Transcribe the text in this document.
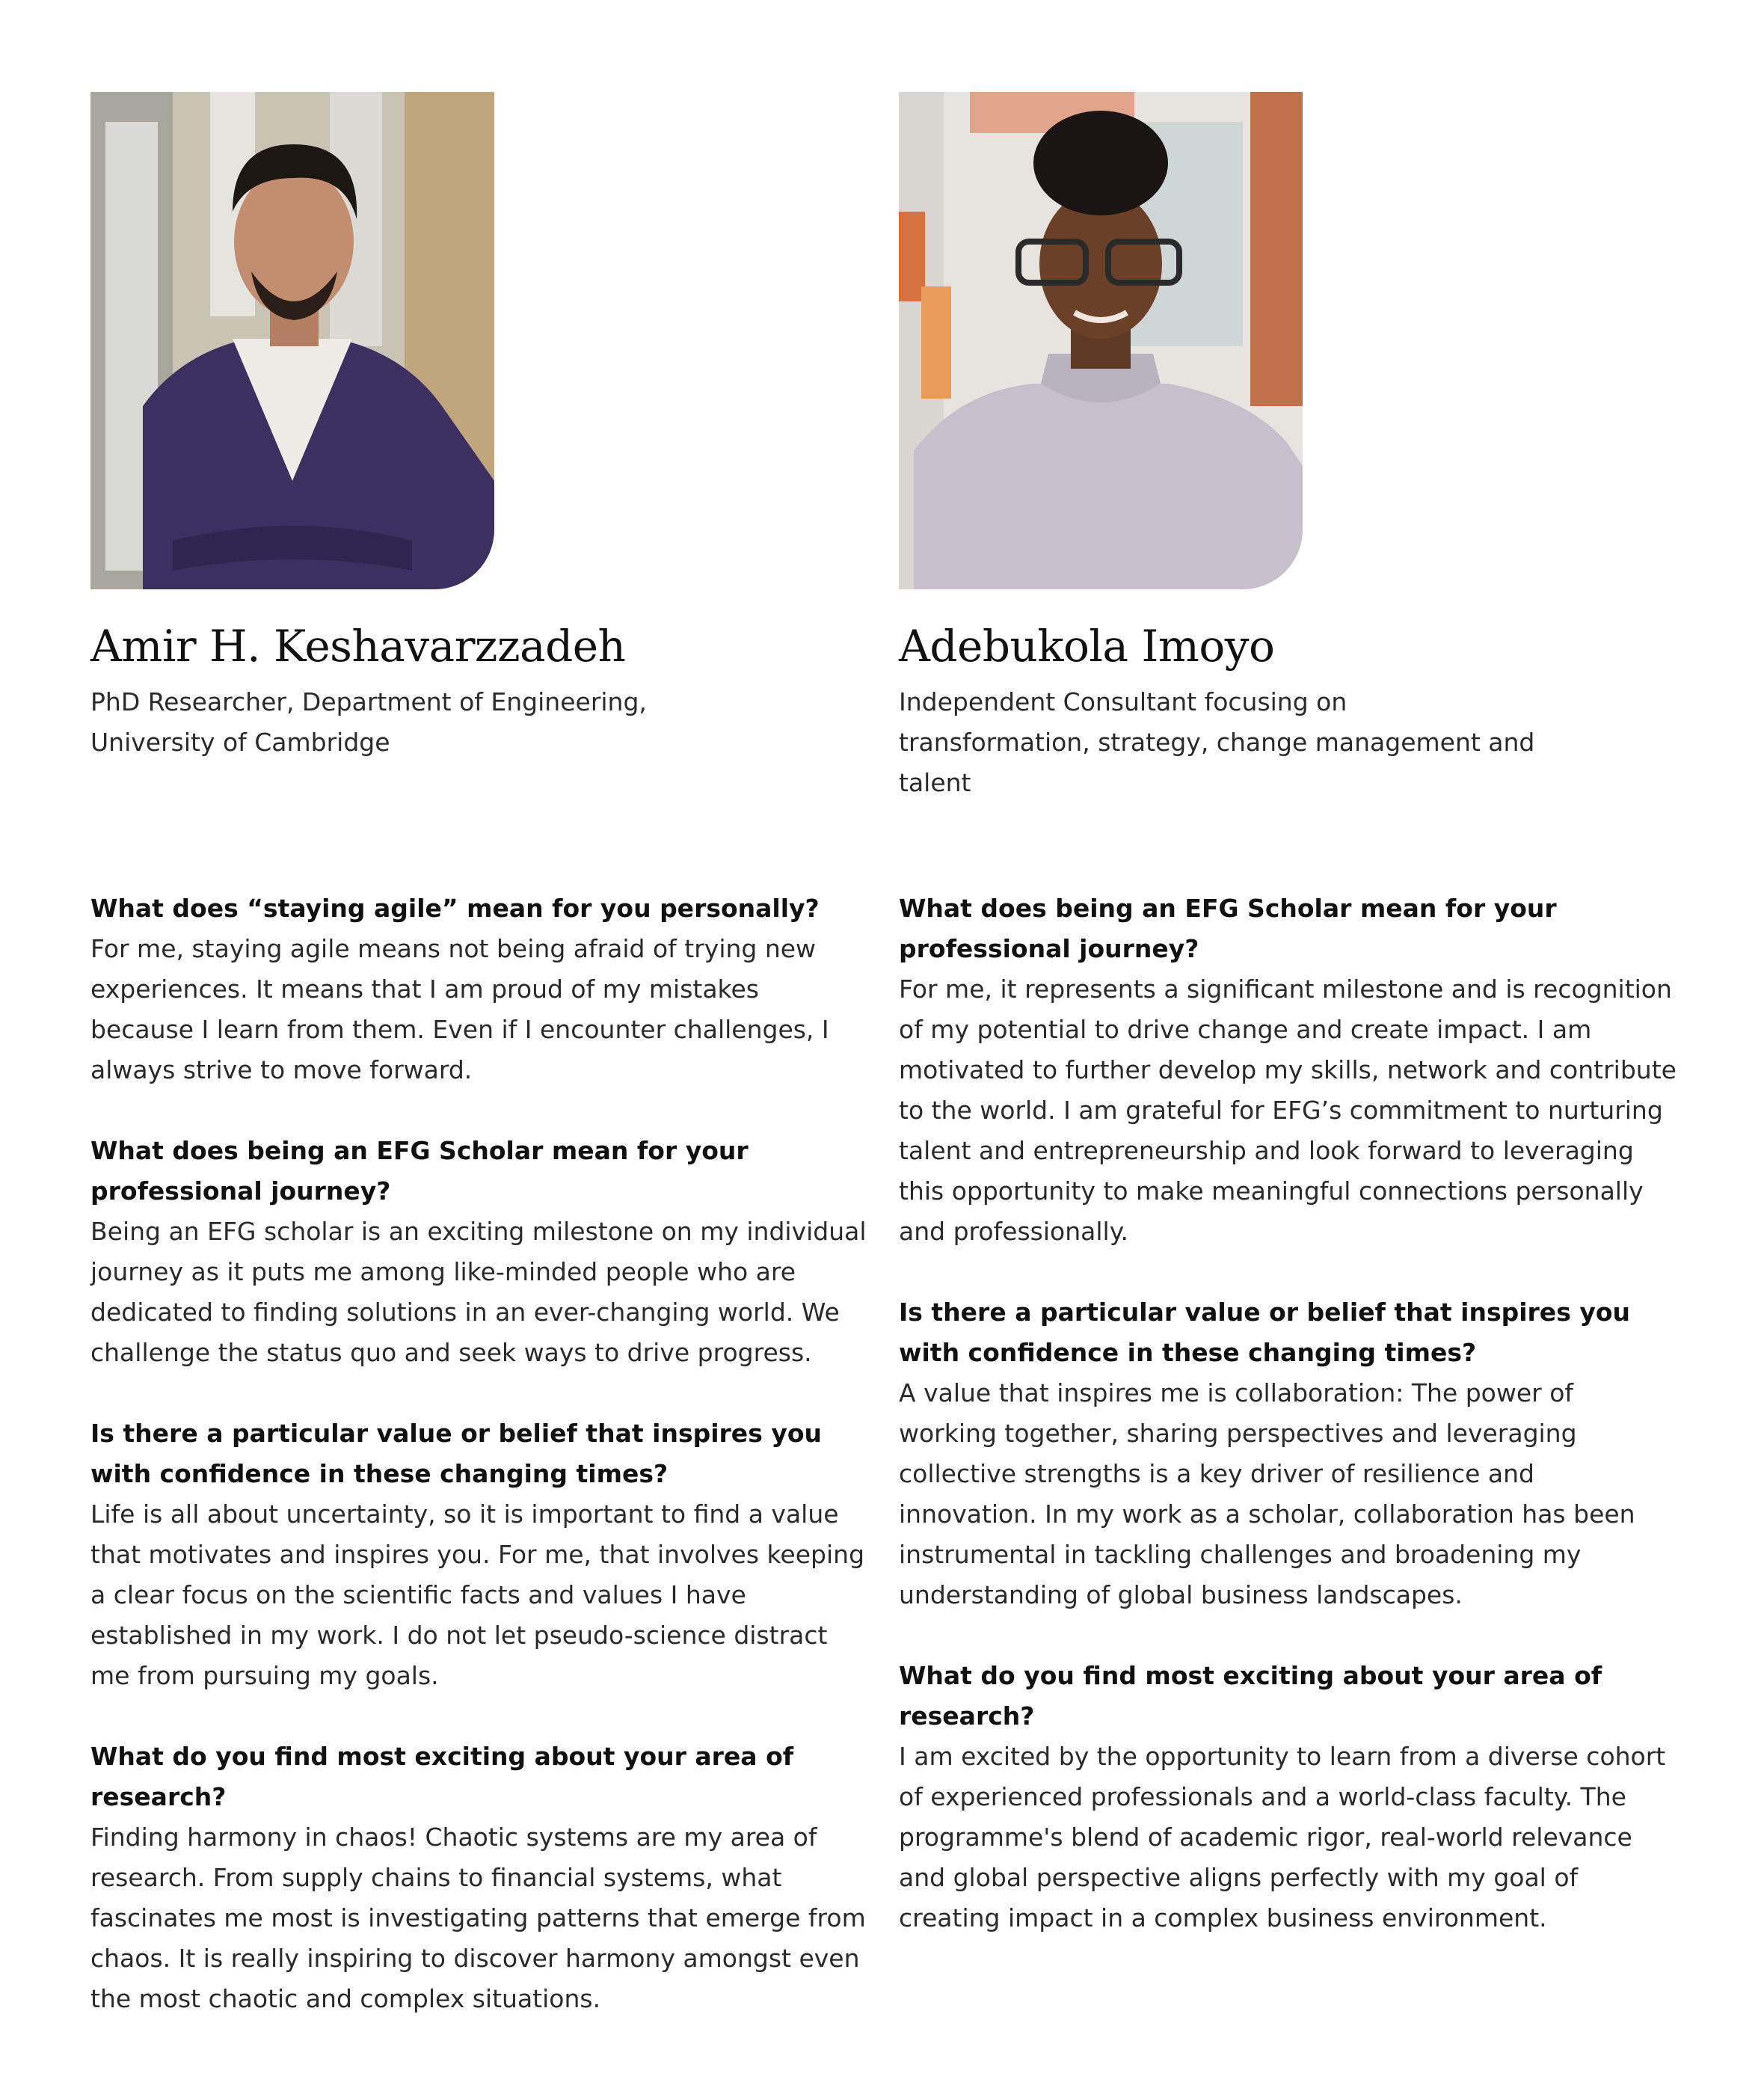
Amir H. Keshavarzzadeh
PhD Researcher, Department of Engineering, University of Cambridge
What does “staying agile” mean for you personally?
For me, staying agile means not being afraid of trying new experiences. It means that I am proud of my mistakes because I learn from them. Even if I encounter challenges, I always strive to move forward.
What does being an EFG Scholar mean for your professional journey?
Being an EFG scholar is an exciting milestone on my individual journey as it puts me among like-minded people who are dedicated to finding solutions in an ever-changing world. We challenge the status quo and seek ways to drive progress.
Is there a particular value or belief that inspires you with confidence in these changing times?
Life is all about uncertainty, so it is important to find a value that motivates and inspires you. For me, that involves keeping a clear focus on the scientific facts and values I have established in my work. I do not let pseudo-science distract me from pursuing my goals.
What do you find most exciting about your area of research?
Finding harmony in chaos! Chaotic systems are my area of research. From supply chains to financial systems, what fascinates me most is investigating patterns that emerge from chaos. It is really inspiring to discover harmony amongst even the most chaotic and complex situations.
Adebukola Imoyo
Independent Consultant focusing on transformation, strategy, change management and talent
What does being an EFG Scholar mean for your professional journey?
For me, it represents a significant milestone and is recognition of my potential to drive change and create impact. I am motivated to further develop my skills, network and contribute to the world. I am grateful for EFG’s commitment to nurturing talent and entrepreneurship and look forward to leveraging this opportunity to make meaningful connections personally and professionally.
Is there a particular value or belief that inspires you with confidence in these changing times?
A value that inspires me is collaboration: The power of working together, sharing perspectives and leveraging collective strengths is a key driver of resilience and innovation. In my work as a scholar, collaboration has been instrumental in tackling challenges and broadening my understanding of global business landscapes.
What do you find most exciting about your area of research?
I am excited by the opportunity to learn from a diverse cohort of experienced professionals and a world-class faculty. The programme's blend of academic rigor, real-world relevance and global perspective aligns perfectly with my goal of creating impact in a complex business environment.
